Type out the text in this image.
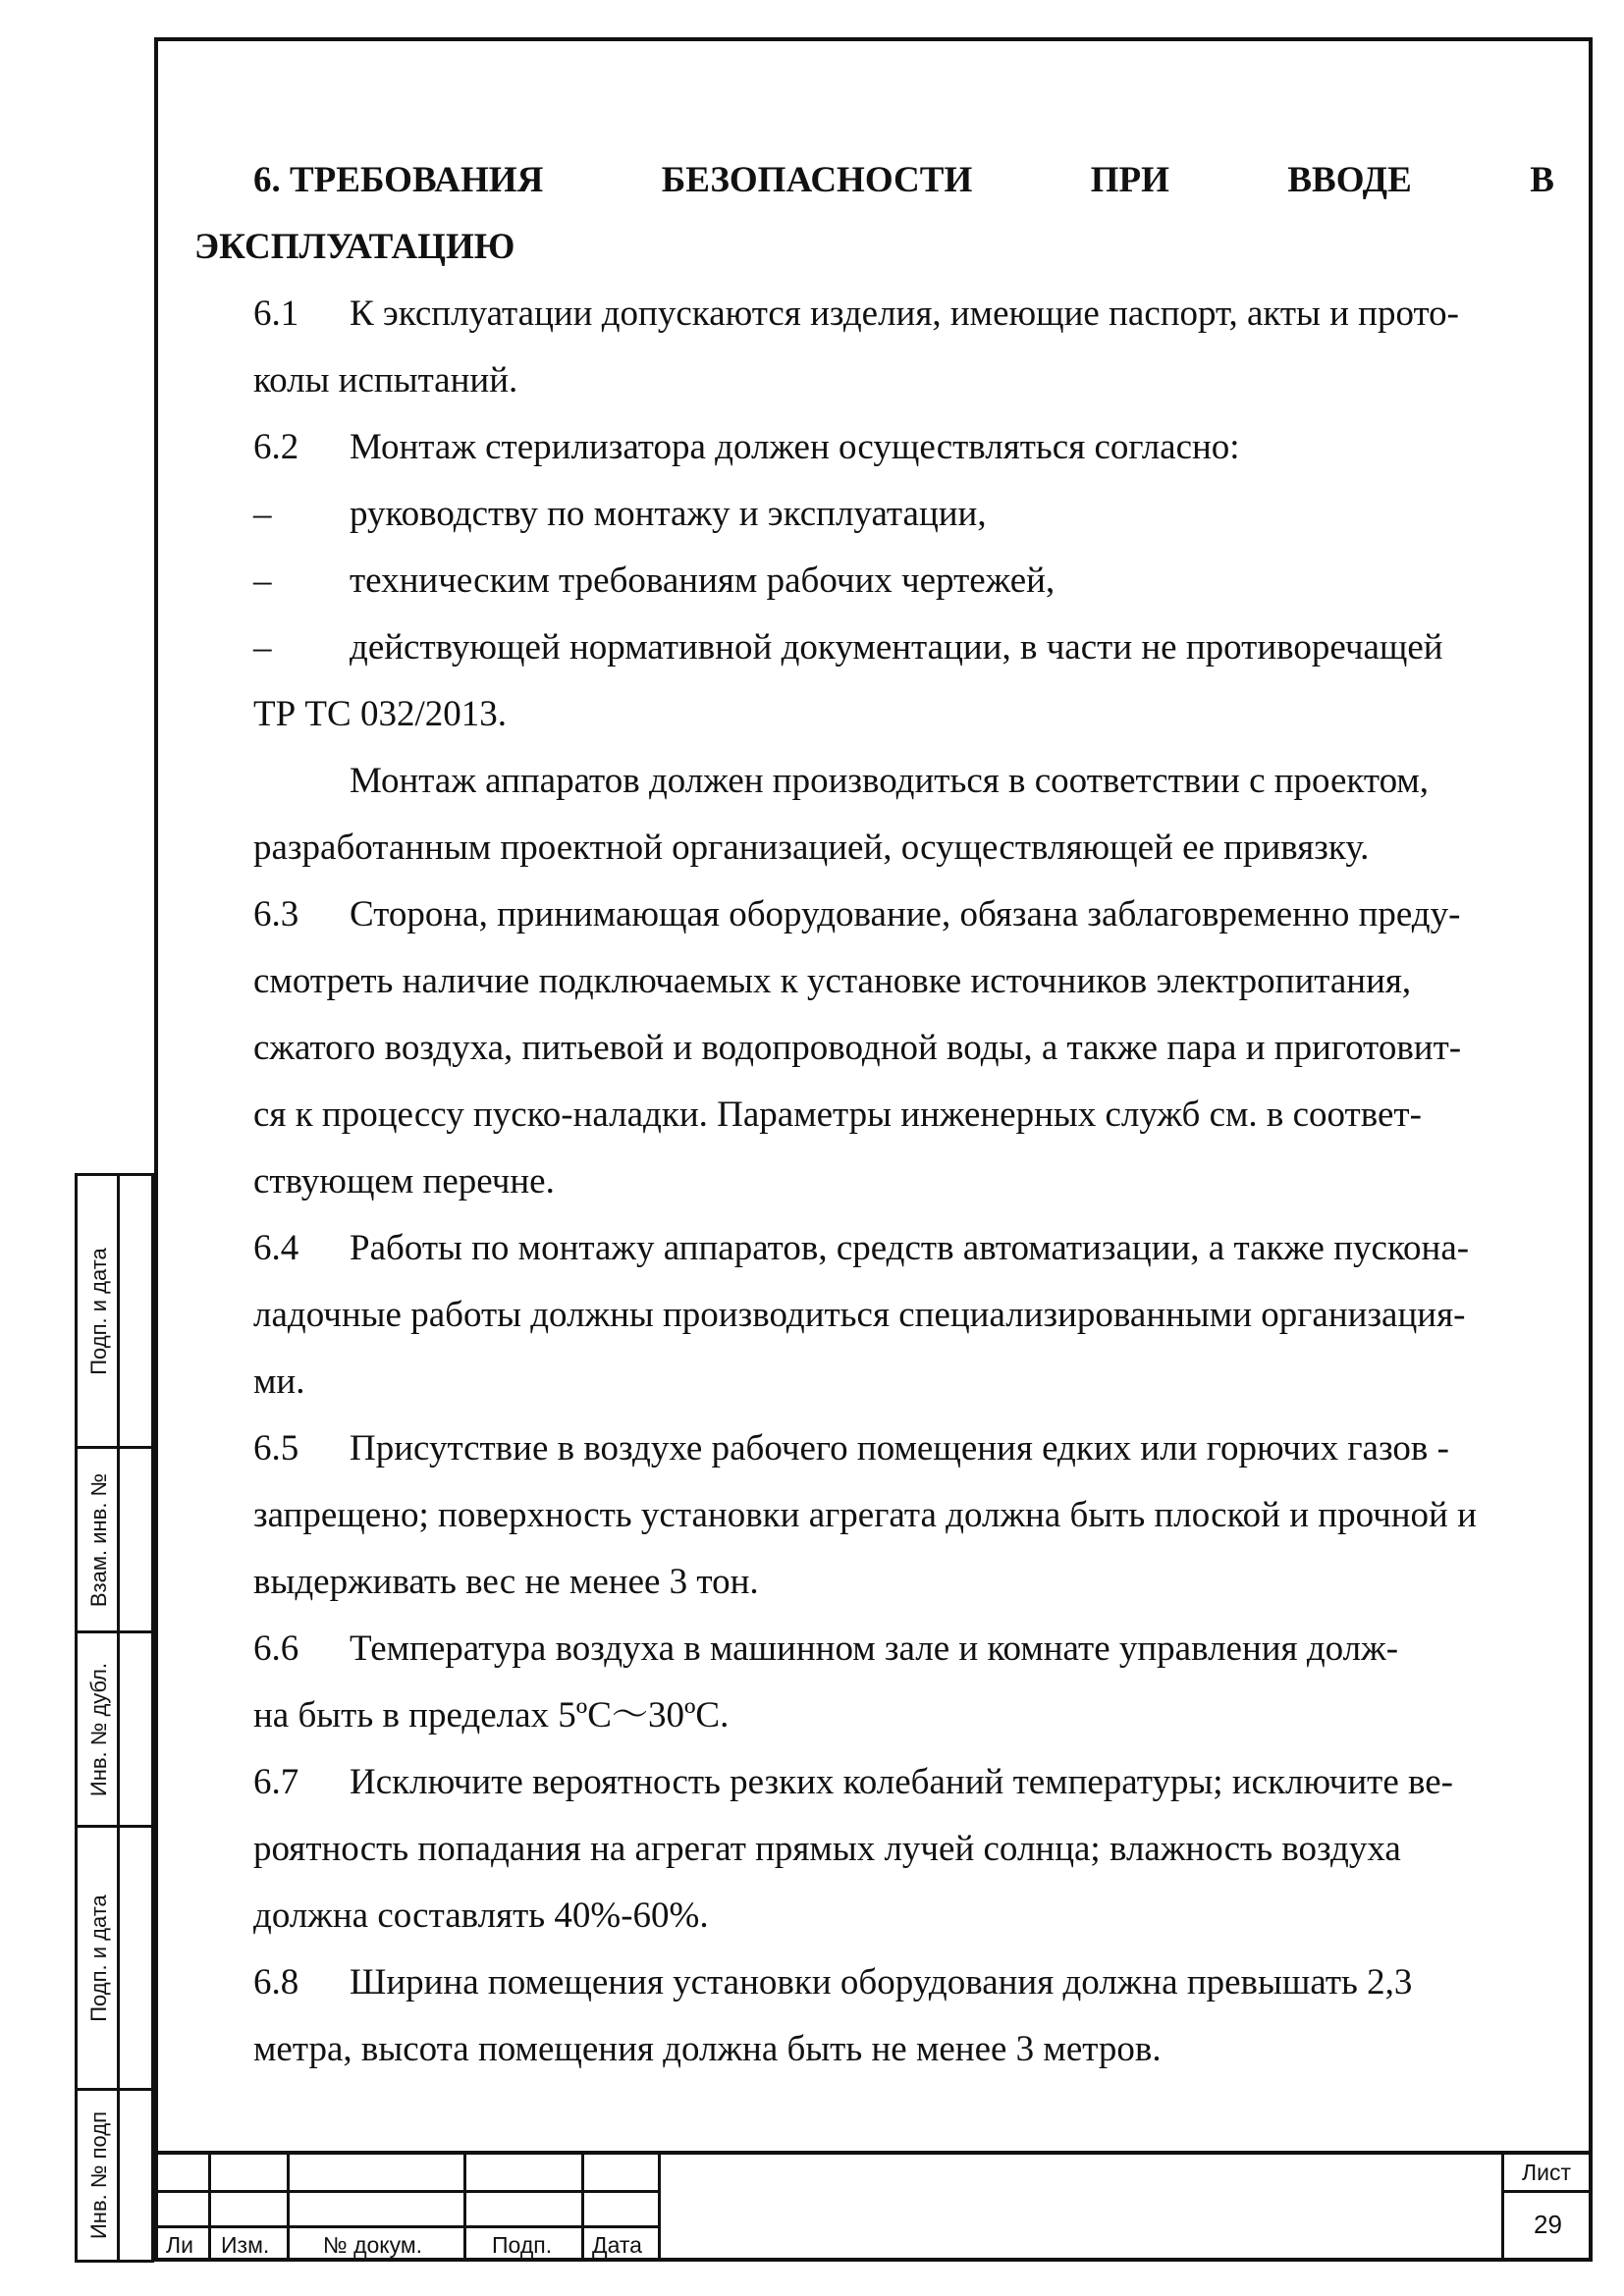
6. ТРЕБОВАНИЯ	БЕЗОПАСНОСТИ	ПРИ	ВВОДЕ	В
ЭКСПЛУАТАЦИЮ
6.1 К эксплуатации допускаются изделия, имеющие паспорт, акты и прото-
колы испытаний.
6.2 Монтаж стерилизатора должен осуществляться согласно:
– руководству по монтажу и эксплуатации,
– техническим требованиям рабочих чертежей,
– действующей нормативной документации, в части не противоречащей
ТР ТС 032/2013.
Монтаж аппаратов должен производиться в соответствии с проектом,
разработанным проектной организацией, осуществляющей ее привязку.
6.3 Сторона, принимающая оборудование, обязана заблаговременно преду-
смотреть наличие подключаемых к установке источников электропитания,
сжатого воздуха, питьевой и водопроводной воды, а также пара и приготовит-
ся к процессу пуско-наладки. Параметры инженерных служб см. в соответ-
ствующем перечне.
6.4 Работы по монтажу аппаратов, средств автоматизации, а также пускона-
ладочные работы должны производиться специализированными организация-
ми.
6.5 Присутствие в воздухе рабочего помещения едких или горючих газов -
запрещено; поверхность установки агрегата должна быть плоской и прочной и
выдерживать вес не менее 3 тон.
6.6 Температура воздуха в машинном зале и комнате управления долж-
на быть в пределах 5ºС～30ºС.
6.7 Исключите вероятность резких колебаний температуры; исключите ве-
роятность попадания на агрегат прямых лучей солнца; влажность воздуха
должна составлять 40%-60%.
6.8 Ширина помещения установки оборудования должна превышать 2,3
метра, высота помещения должна быть не менее 3 метров.
Подп. и дата
Взам. инв. №
Инв. № дубл.
Подп. и дата
Инв. № подп
Ли Изм. № докум.	Подп. Дата
Лист
29
